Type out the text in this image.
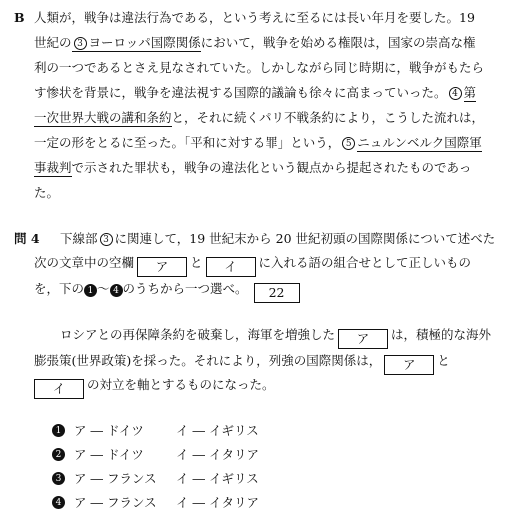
B 人類が，戦争は違法行為である，という考えに至るには長い年月を要した。19
世紀の 3 ヨーロッパ国際関係において，戦争を始める権限は，国家の崇高な権
利の一つであるとさえ見なされていた。しかしながら同じ時期に，戦争がもたら
す惨状を背景に，戦争を違法視する国際的議論も徐々に高まっていった。 4 第
一次世界大戦の講和条約と，それに続くパリ不戦条約により，こうした流れは，
一定の形をとるに至った。「平和に対する罪」という， 5 ニュルンベルク国際軍
事裁判で示された罪状も，戦争の違法化という観点から提起されたものであっ
た。
問 4 下線部 3 に関連して，19 世紀末から 20 世紀初頭の国際関係について述べた
次の文章中の空欄 ア と イ に入れる語の組合せとして正しいもの
を，下の 1 ～ 4 のうちから一つ選べ。 22
ロシアとの再保障条約を破棄し，海軍を増強した ア は，積極的な海外
膨張策(世界政策)を採った。それにより，列強の国際関係は， ア と
イ の対立を軸とするものになった。
1 ア ― ドイツ	イ ― イギリス
2 ア ― ドイツ	イ ― イタリア
3 ア ― フランス イ ― イギリス
4 ア ― フランス イ ― イタリア
